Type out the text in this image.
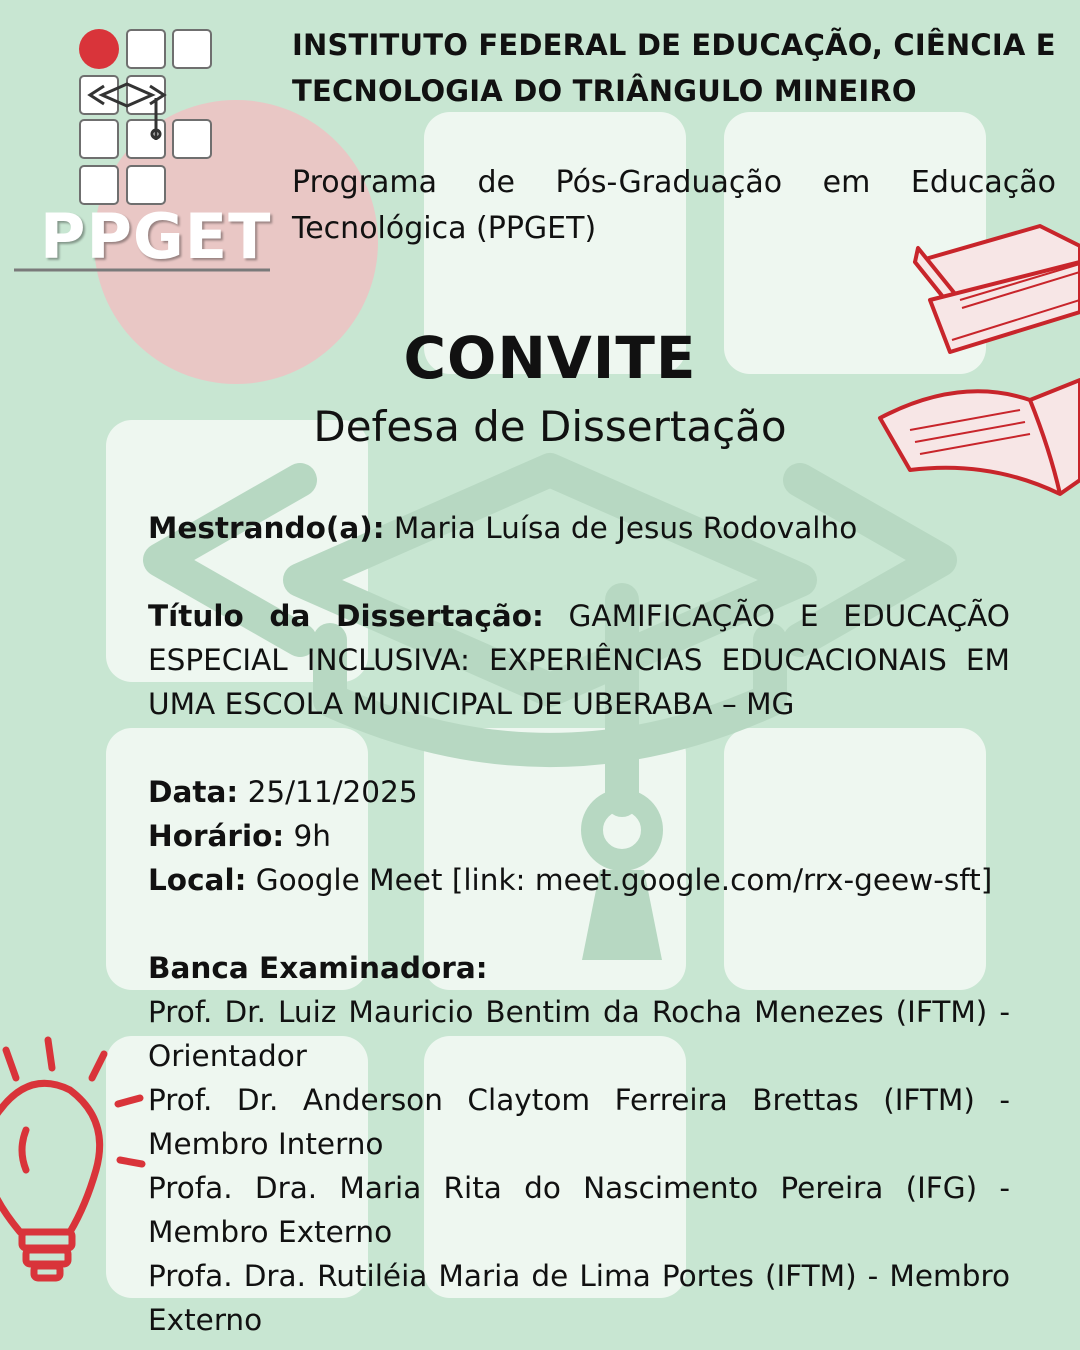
PPGET
INSTITUTO FEDERAL DE EDUCAÇÃO, CIÊNCIA E TECNOLOGIA DO TRIÂNGULO MINEIRO
Programa de Pós-Graduação em Educação Tecnológica (PPGET)
CONVITE
Defesa de Dissertação

Mestrando(a): Maria Luísa de Jesus Rodovalho

Título da Dissertação: GAMIFICAÇÃO E EDUCAÇÃO ESPECIAL INCLUSIVA: EXPERIÊNCIAS EDUCACIONAIS EM UMA ESCOLA MUNICIPAL DE UBERABA – MG

Data: 25/11/2025

Horário: 9h

Local: Google Meet [link: meet.google.com/rrx-geew-sft]

Banca Examinadora:

Prof. Dr. Luiz Mauricio Bentim da Rocha Menezes (IFTM) - Orientador

Prof. Dr. Anderson Claytom Ferreira Brettas (IFTM) - Membro Interno

Profa. Dra. Maria Rita do Nascimento Pereira (IFG) - Membro Externo

Profa. Dra. Rutiléia Maria de Lima Portes (IFTM) - Membro Externo
